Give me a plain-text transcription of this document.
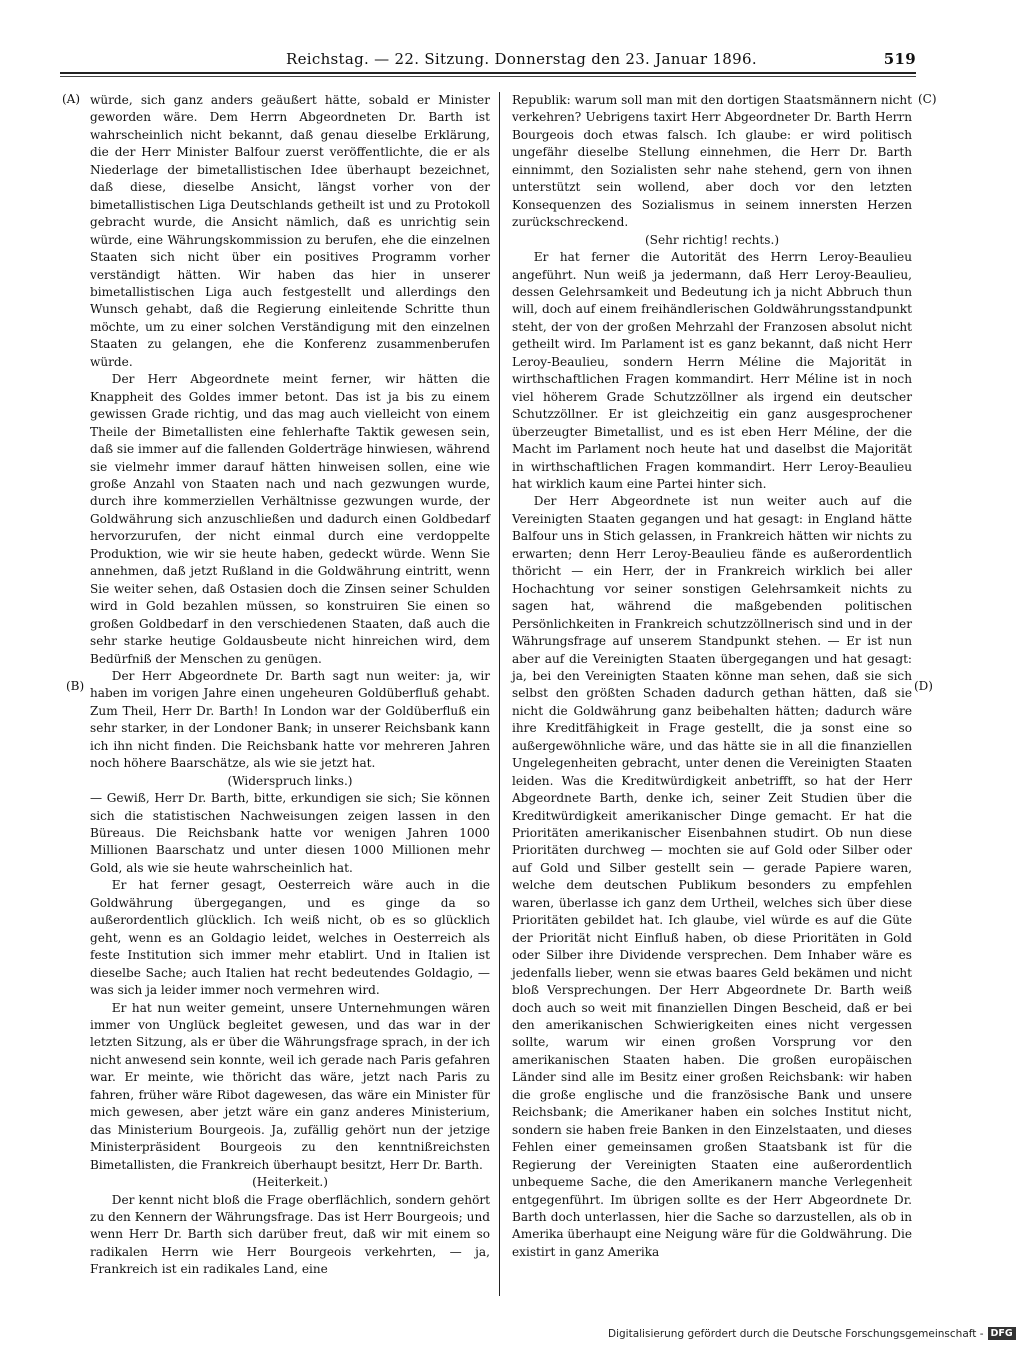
Reichstag. — 22. Sitzung. Donnerstag den 23. Januar 1896.	519
(A)
(B)
(C)
(D)

würde, sich ganz anders geäußert hätte, sobald er Minister geworden wäre. Dem Herrn Abgeordneten Dr. Barth ist wahrscheinlich nicht bekannt, daß genau dieselbe Erklärung, die der Herr Minister Balfour zuerst veröffentlichte, die er als Niederlage der bimetallistischen Idee überhaupt bezeichnet, daß diese, dieselbe Ansicht, längst vorher von der bimetallistischen Liga Deutschlands getheilt ist und zu Protokoll gebracht wurde, die Ansicht nämlich, daß es unrichtig sein würde, eine Währungskommission zu berufen, ehe die einzelnen Staaten sich nicht über ein positives Programm vorher verständigt hätten. Wir haben das hier in unserer bimetallistischen Liga auch festgestellt und allerdings den Wunsch gehabt, daß die Regierung einleitende Schritte thun möchte, um zu einer solchen Verständigung mit den einzelnen Staaten zu gelangen, ehe die Konferenz zusammenberufen würde.

Der Herr Abgeordnete meint ferner, wir hätten die Knappheit des Goldes immer betont. Das ist ja bis zu einem gewissen Grade richtig, und das mag auch vielleicht von einem Theile der Bimetallisten eine fehlerhafte Taktik gewesen sein, daß sie immer auf die fallenden Golderträge hinwiesen, während sie vielmehr immer darauf hätten hinweisen sollen, eine wie große Anzahl von Staaten nach und nach gezwungen wurde, durch ihre kommerziellen Verhältnisse gezwungen wurde, der Goldwährung sich anzuschließen und dadurch einen Goldbedarf hervorzurufen, der nicht einmal durch eine verdoppelte Produktion, wie wir sie heute haben, gedeckt würde. Wenn Sie annehmen, daß jetzt Rußland in die Goldwährung eintritt, wenn Sie weiter sehen, daß Ostasien doch die Zinsen seiner Schulden wird in Gold bezahlen müssen, so konstruiren Sie einen so großen Goldbedarf in den verschiedenen Staaten, daß auch die sehr starke heutige Goldausbeute nicht hinreichen wird, dem Bedürfniß der Menschen zu genügen.

Der Herr Abgeordnete Dr. Barth sagt nun weiter: ja, wir haben im vorigen Jahre einen ungeheuren Goldüberfluß gehabt. Zum Theil, Herr Dr. Barth! In London war der Goldüberfluß ein sehr starker, in der Londoner Bank; in unserer Reichsbank kann ich ihn nicht finden. Die Reichsbank hatte vor mehreren Jahren noch höhere Baarschätze, als wie sie jetzt hat.

(Widerspruch links.)

— Gewiß, Herr Dr. Barth, bitte, erkundigen sie sich; Sie können sich die statistischen Nachweisungen zeigen lassen in den Büreaus. Die Reichsbank hatte vor wenigen Jahren 1000 Millionen Baarschatz und unter diesen 1000 Millionen mehr Gold, als wie sie heute wahrscheinlich hat.

Er hat ferner gesagt, Oesterreich wäre auch in die Goldwährung übergegangen, und es ginge da so außerordentlich glücklich. Ich weiß nicht, ob es so glücklich geht, wenn es an Goldagio leidet, welches in Oesterreich als feste Institution sich immer mehr etablirt. Und in Italien ist dieselbe Sache; auch Italien hat recht bedeutendes Goldagio, — was sich ja leider immer noch vermehren wird.

Er hat nun weiter gemeint, unsere Unternehmungen wären immer von Unglück begleitet gewesen, und das war in der letzten Sitzung, als er über die Währungsfrage sprach, in der ich nicht anwesend sein konnte, weil ich gerade nach Paris gefahren war. Er meinte, wie thöricht das wäre, jetzt nach Paris zu fahren, früher wäre Ribot dagewesen, das wäre ein Minister für mich gewesen, aber jetzt wäre ein ganz anderes Ministerium, das Ministerium Bourgeois. Ja, zufällig gehört nun der jetzige Ministerpräsident Bourgeois zu den kenntnißreichsten Bimetallisten, die Frankreich überhaupt besitzt, Herr Dr. Barth.

(Heiterkeit.)

Der kennt nicht bloß die Frage oberflächlich, sondern gehört zu den Kennern der Währungsfrage. Das ist Herr Bourgeois; und wenn Herr Dr. Barth sich darüber freut, daß wir mit einem so radikalen Herrn wie Herr Bourgeois verkehrten, — ja, Frankreich ist ein radikales Land, eine

Republik: warum soll man mit den dortigen Staatsmännern nicht verkehren? Uebrigens taxirt Herr Abgeordneter Dr. Barth Herrn Bourgeois doch etwas falsch. Ich glaube: er wird politisch ungefähr dieselbe Stellung einnehmen, die Herr Dr. Barth einnimmt, den Sozialisten sehr nahe stehend, gern von ihnen unterstützt sein wollend, aber doch vor den letzten Konsequenzen des Sozialismus in seinem innersten Herzen zurückschreckend.

(Sehr richtig! rechts.)

Er hat ferner die Autorität des Herrn Leroy-Beaulieu angeführt. Nun weiß ja jedermann, daß Herr Leroy-Beaulieu, dessen Gelehrsamkeit und Bedeutung ich ja nicht Abbruch thun will, doch auf einem freihändlerischen Goldwährungsstandpunkt steht, der von der großen Mehrzahl der Franzosen absolut nicht getheilt wird. Im Parlament ist es ganz bekannt, daß nicht Herr Leroy-Beaulieu, sondern Herrn Méline die Majorität in wirthschaftlichen Fragen kommandirt. Herr Méline ist in noch viel höherem Grade Schutzzöllner als irgend ein deutscher Schutzzöllner. Er ist gleichzeitig ein ganz ausgesprochener überzeugter Bimetallist, und es ist eben Herr Méline, der die Macht im Parlament noch heute hat und daselbst die Majorität in wirthschaftlichen Fragen kommandirt. Herr Leroy-Beaulieu hat wirklich kaum eine Partei hinter sich.

Der Herr Abgeordnete ist nun weiter auch auf die Vereinigten Staaten gegangen und hat gesagt: in England hätte Balfour uns in Stich gelassen, in Frankreich hätten wir nichts zu erwarten; denn Herr Leroy-Beaulieu fände es außerordentlich thöricht — ein Herr, der in Frankreich wirklich bei aller Hochachtung vor seiner sonstigen Gelehrsamkeit nichts zu sagen hat, während die maßgebenden politischen Persönlichkeiten in Frankreich schutzzöllnerisch sind und in der Währungsfrage auf unserem Standpunkt stehen. — Er ist nun aber auf die Vereinigten Staaten übergegangen und hat gesagt: ja, bei den Vereinigten Staaten könne man sehen, daß sie sich selbst den größten Schaden dadurch gethan hätten, daß sie nicht die Goldwährung ganz beibehalten hätten; dadurch wäre ihre Kreditfähigkeit in Frage gestellt, die ja sonst eine so außergewöhnliche wäre, und das hätte sie in all die finanziellen Ungelegenheiten gebracht, unter denen die Vereinigten Staaten leiden. Was die Kreditwürdigkeit anbetrifft, so hat der Herr Abgeordnete Barth, denke ich, seiner Zeit Studien über die Kreditwürdigkeit amerikanischer Dinge gemacht. Er hat die Prioritäten amerikanischer Eisenbahnen studirt. Ob nun diese Prioritäten durchweg — mochten sie auf Gold oder Silber oder auf Gold und Silber gestellt sein — gerade Papiere waren, welche dem deutschen Publikum besonders zu empfehlen waren, überlasse ich ganz dem Urtheil, welches sich über diese Prioritäten gebildet hat. Ich glaube, viel würde es auf die Güte der Priorität nicht Einfluß haben, ob diese Prioritäten in Gold oder Silber ihre Dividende versprechen. Dem Inhaber wäre es jedenfalls lieber, wenn sie etwas baares Geld bekämen und nicht bloß Versprechungen. Der Herr Abgeordnete Dr. Barth weiß doch auch so weit mit finanziellen Dingen Bescheid, daß er bei den amerikanischen Schwierigkeiten eines nicht vergessen sollte, warum wir einen großen Vorsprung vor den amerikanischen Staaten haben. Die großen europäischen Länder sind alle im Besitz einer großen Reichsbank: wir haben die große englische und die französische Bank und unsere Reichsbank; die Amerikaner haben ein solches Institut nicht, sondern sie haben freie Banken in den Einzelstaaten, und dieses Fehlen einer gemeinsamen großen Staatsbank ist für die Regierung der Vereinigten Staaten eine außerordentlich unbequeme Sache, die den Amerikanern manche Verlegenheit entgegenführt. Im übrigen sollte es der Herr Abgeordnete Dr. Barth doch unterlassen, hier die Sache so darzustellen, als ob in Amerika überhaupt eine Neigung wäre für die Goldwährung. Die existirt in ganz Amerika

Digitalisierung gefördert durch die Deutsche Forschungsgemeinschaft - DFG
